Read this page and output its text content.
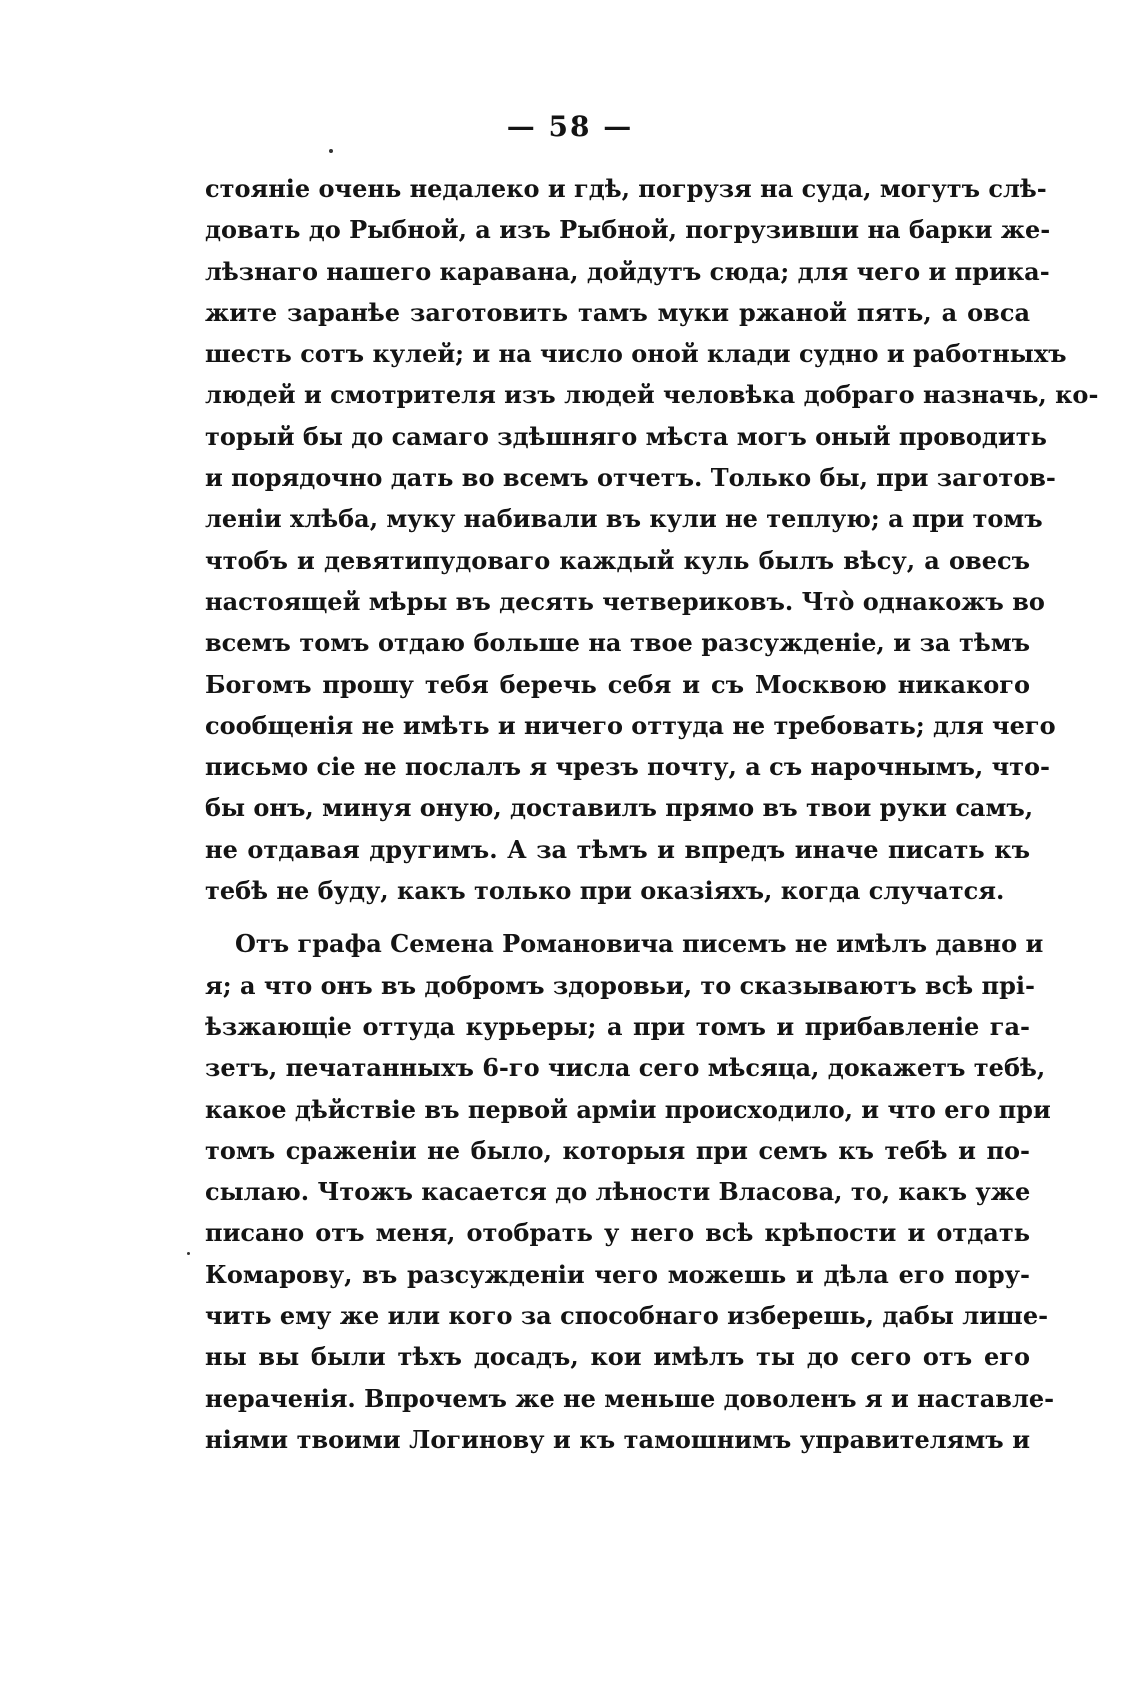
— 58 —
стояніе очень недалеко и гдѣ, погрузя на суда, могутъ слѣ-
довать до Рыбной, а изъ Рыбной, погрузивши на барки же-
лѣзнаго нашего каравана, дойдутъ сюда; для чего и прика-
жите заранѣе заготовить тамъ муки ржаной пять, а овса
шесть сотъ кулей; и на число оной клади судно и работныхъ
людей и смотрителя изъ людей человѣка добраго назначь, ко-
торый бы до самаго здѣшняго мѣста могъ оный проводить
и порядочно дать во всемъ отчетъ. Только бы, при заготов-
леніи хлѣба, муку набивали въ кули не теплую; а при томъ
чтобъ и девятипудоваго каждый куль былъ вѣсу, а овесъ
настоящей мѣры въ десять четвериковъ. Чтò однакожъ во
всемъ томъ отдаю больше на твое разсужденіе, и за тѣмъ
Богомъ прошу тебя беречь себя и съ Москвою никакого
сообщенія не имѣть и ничего оттуда не требовать; для чего
письмо сіе не послалъ я чрезъ почту, а съ нарочнымъ, что-
бы онъ, минуя оную, доставилъ прямо въ твои руки самъ,
не отдавая другимъ. А за тѣмъ и впредъ иначе писать къ
тебѣ не буду, какъ только при оказіяхъ, когда случатся.
Отъ графа Семена Романовича писемъ не имѣлъ давно и
я; а что онъ въ добромъ здоровьи, то сказываютъ всѣ прі-
ѣзжающіе оттуда курьеры; а при томъ и прибавленіе га-
зетъ, печатанныхъ 6-го числа сего мѣсяца, докажетъ тебѣ,
какое дѣйствіе въ первой арміи происходило, и что его при
томъ сраженіи не было, которыя при семъ къ тебѣ и по-
сылаю. Чтожъ касается до лѣности Власова, то, какъ уже
писано отъ меня, отобрать у него всѣ крѣпости и отдать
Комарову, въ разсужденіи чего можешь и дѣла его пору-
чить ему же или кого за способнаго изберешь, дабы лише-
ны вы были тѣхъ досадъ, кои имѣлъ ты до сего отъ его
нераченія. Впрочемъ же не меньше доволенъ я и наставле-
ніями твоими Логинову и къ тамошнимъ управителямъ и
